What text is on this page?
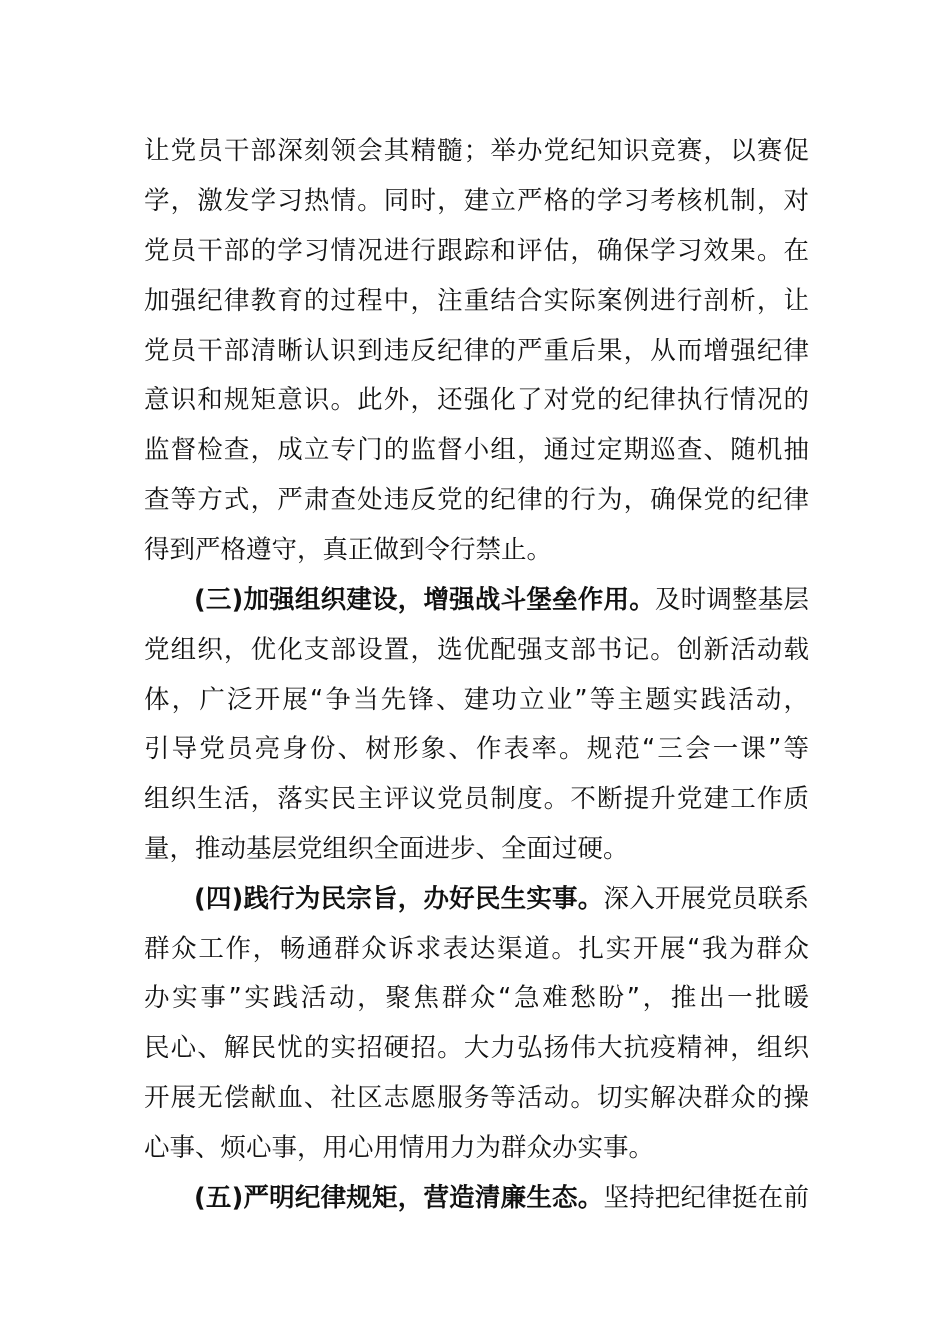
让党员干部深刻领会其精髓；举办党纪知识竞赛，以赛促
学，激发学习热情。同时，建立严格的学习考核机制，对
党员干部的学习情况进行跟踪和评估，确保学习效果。在
加强纪律教育的过程中，注重结合实际案例进行剖析，让
党员干部清晰认识到违反纪律的严重后果，从而增强纪律
意识和规矩意识。此外，还强化了对党的纪律执行情况的
监督检查，成立专门的监督小组，通过定期巡查、随机抽
查等方式，严肃查处违反党的纪律的行为，确保党的纪律
得到严格遵守，真正做到令行禁止。
(三)加强组织建设，增强战斗堡垒作用。及时调整基层
党组织，优化支部设置，选优配强支部书记。创新活动载
体，广泛开展“争当先锋、建功立业”等主题实践活动，
引导党员亮身份、树形象、作表率。规范“三会一课”等
组织生活，落实民主评议党员制度。不断提升党建工作质
量，推动基层党组织全面进步、全面过硬。
(四)践行为民宗旨，办好民生实事。深入开展党员联系
群众工作，畅通群众诉求表达渠道。扎实开展“我为群众
办实事”实践活动，聚焦群众“急难愁盼”，推出一批暖
民心、解民忧的实招硬招。大力弘扬伟大抗疫精神，组织
开展无偿献血、社区志愿服务等活动。切实解决群众的操
心事、烦心事，用心用情用力为群众办实事。
(五)严明纪律规矩，营造清廉生态。坚持把纪律挺在前
